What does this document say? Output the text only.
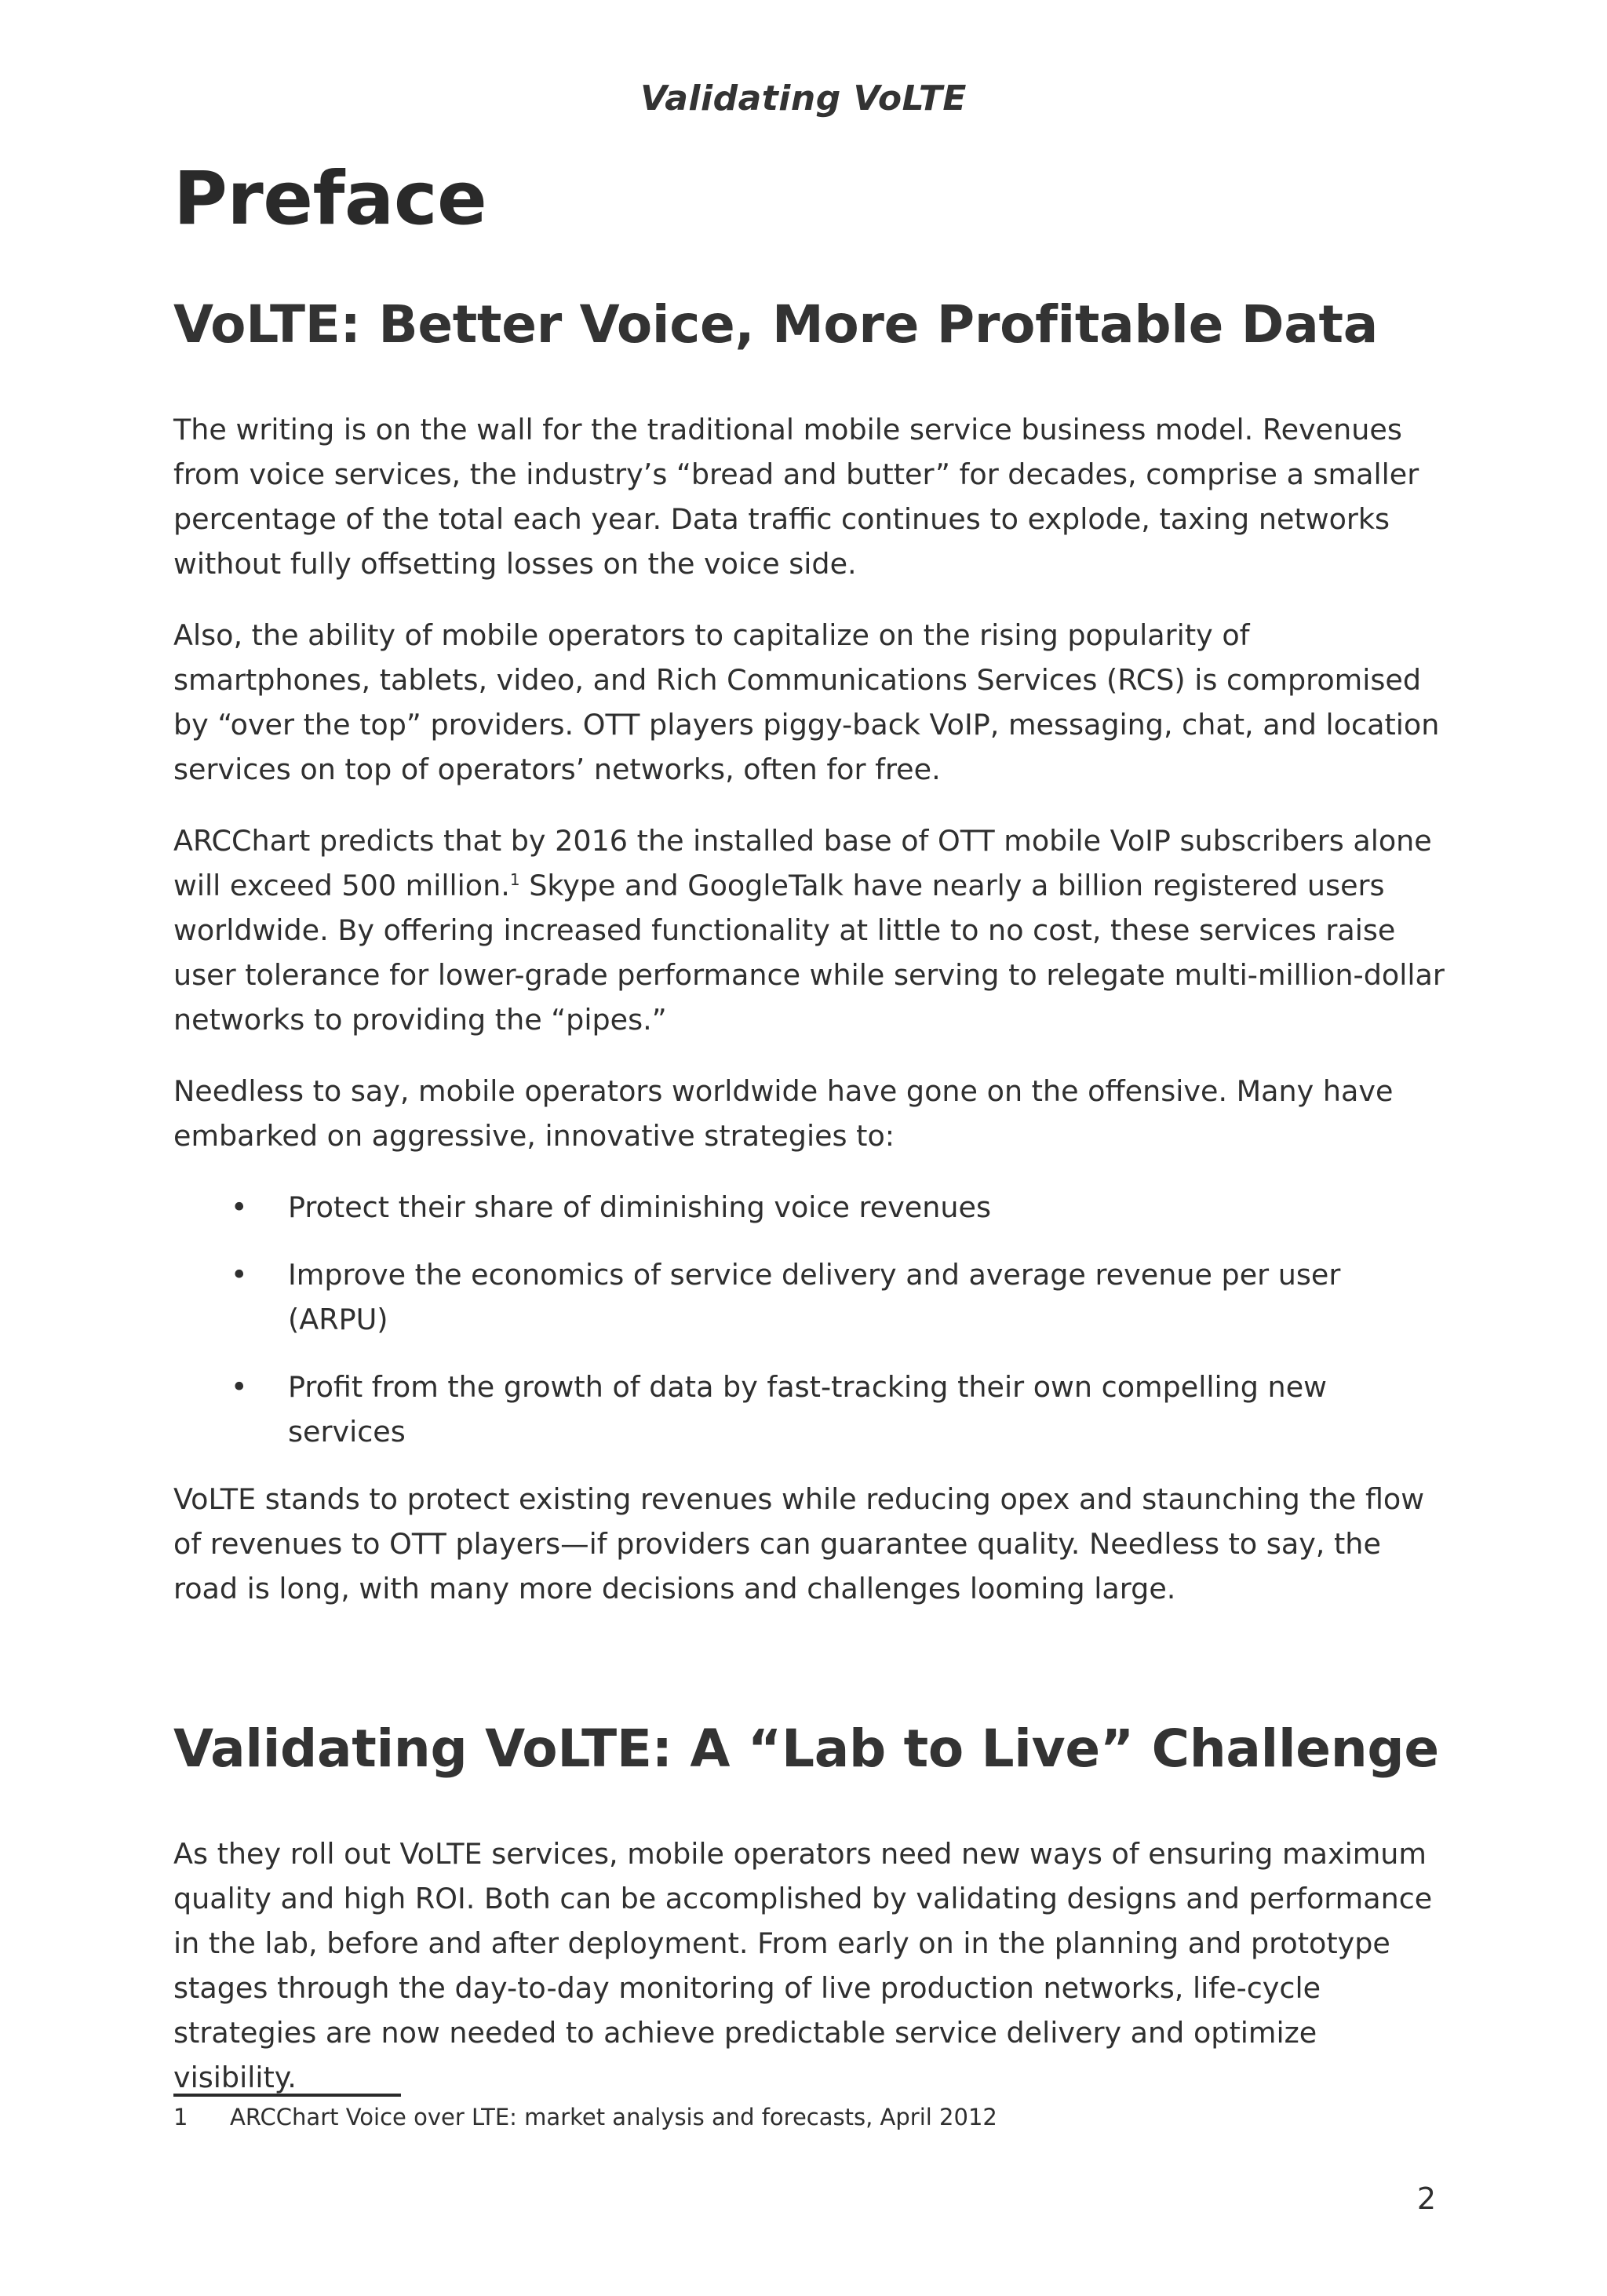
Validating VoLTE
Preface
VoLTE: Better Voice, More Profitable Data

The writing is on the wall for the traditional mobile service business model. Revenues from voice services, the industry’s “bread and butter” for decades, comprise a smaller percentage of the total each year. Data traffic continues to explode, taxing networks without fully offsetting losses on the voice side.

Also, the ability of mobile operators to capitalize on the rising popularity of smartphones, tablets, video, and Rich Communications Services (RCS) is compromised by “over the top” providers. OTT players piggy-back VoIP, messaging, chat, and location services on top of operators’ networks, often for free.

ARCChart predicts that by 2016 the installed base of OTT mobile VoIP subscribers alone will exceed 500 million.$^1$ Skype and GoogleTalk have nearly a billion registered users worldwide. By offering increased functionality at little to no cost, these services raise user tolerance for lower-grade performance while serving to relegate multi-million-dollar networks to providing the “pipes.”

Needless to say, mobile operators worldwide have gone on the offensive. Many have embarked on aggressive, innovative strategies to:

• Protect their share of diminishing voice revenues
• Improve the economics of service delivery and average revenue per user (ARPU)
• Profit from the growth of data by fast-tracking their own compelling new services

VoLTE stands to protect existing revenues while reducing opex and staunching the flow of revenues to OTT players—if providers can guarantee quality. Needless to say, the road is long, with many more decisions and challenges looming large.

Validating VoLTE: A “Lab to Live” Challenge

As they roll out VoLTE services, mobile operators need new ways of ensuring maximum quality and high ROI. Both can be accomplished by validating designs and performance in the lab, before and after deployment. From early on in the planning and prototype stages through the day-to-day monitoring of live production networks, life-cycle strategies are now needed to achieve predictable service delivery and optimize visibility.

1 ARCChart Voice over LTE: market analysis and forecasts, April 2012
2
